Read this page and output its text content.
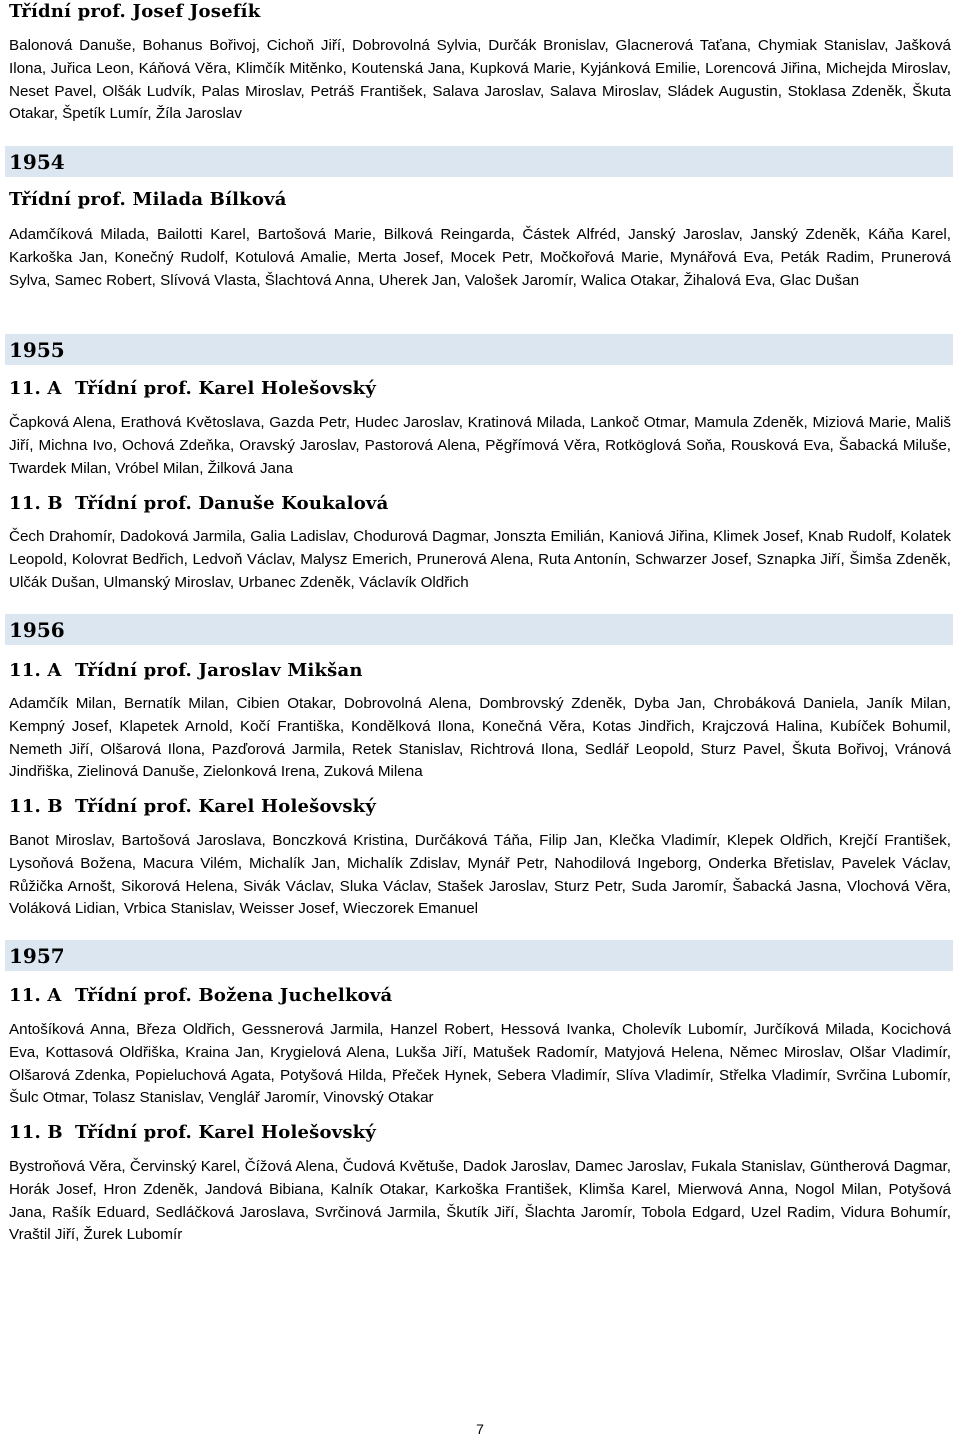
Třídní prof. Josef Josefík

Balonová Danuše, Bohanus Bořivoj, Cichoň Jiří, Dobrovolná Sylvia, Durčák Bronislav, Glacnerová Taťana, Chymiak Stanislav, Jašková Ilona, Juřica Leon, Káňová Věra, Klimčík Mitěnko, Koutenská Jana, Kupková Marie, Kyjánková Emilie, Lorencová Jiřina, Michejda Miroslav, Neset Pavel, Olšák Ludvík, Palas Miroslav, Petráš František, Salava Jaroslav, Salava Miroslav, Sládek Augustin, Stoklasa Zdeněk, Škuta Otakar, Špetík Lumír, Žíla Jaroslav

1954
Třídní prof. Milada Bílková

Adamčíková Milada, Bailotti Karel, Bartošová Marie, Bilková Reingarda, Částek Alfréd, Janský Jaroslav, Janský Zdeněk, Káňa Karel, Karkoška Jan, Konečný Rudolf, Kotulová Amalie, Merta Josef, Mocek Petr, Močkořová Marie, Mynářová Eva, Peták Radim, Prunerová Sylva, Samec Robert, Slívová Vlasta, Šlachtová Anna, Uherek Jan, Valošek Jaromír, Walica Otakar, Žihalová Eva, Glac Dušan

1955
11. A Třídní prof. Karel Holešovský

Čapková Alena, Erathová Květoslava, Gazda Petr, Hudec Jaroslav, Kratinová Milada, Lankoč Otmar, Mamula Zdeněk, Miziová Marie, Mališ Jiří, Michna Ivo, Ochová Zdeňka, Oravský Jaroslav, Pastorová Alena, Pěgřímová Věra, Rotköglová Soňa, Rousková Eva, Šabacká Miluše, Twardek Milan, Vróbel Milan, Žilková Jana

11. B Třídní prof. Danuše Koukalová

Čech Drahomír, Dadoková Jarmila, Galia Ladislav, Chodurová Dagmar, Jonszta Emilián, Kaniová Jiřina, Klimek Josef, Knab Rudolf, Kolatek Leopold, Kolovrat Bedřich, Ledvoň Václav, Malysz Emerich, Prunerová Alena, Ruta Antonín, Schwarzer Josef, Sznapka Jiří, Šimša Zdeněk, Ulčák Dušan, Ulmanský Miroslav, Urbanec Zdeněk, Václavík Oldřich

1956
11. A Třídní prof. Jaroslav Mikšan

Adamčík Milan, Bernatík Milan, Cibien Otakar, Dobrovolná Alena, Dombrovský Zdeněk, Dyba Jan, Chrobáková Daniela, Janík Milan, Kempný Josef, Klapetek Arnold, Kočí Františka, Kondělková Ilona, Konečná Věra, Kotas Jindřich, Krajczová Halina, Kubíček Bohumil, Nemeth Jiří, Olšarová Ilona, Pazďorová Jarmila, Retek Stanislav, Richtrová Ilona, Sedlář Leopold, Sturz Pavel, Škuta Bořivoj, Vránová Jindřiška, Zielinová Danuše, Zielonková Irena, Zuková Milena

11. B Třídní prof. Karel Holešovský

Banot Miroslav, Bartošová Jaroslava, Bonczková Kristina, Durčáková Táňa, Filip Jan, Klečka Vladimír, Klepek Oldřich, Krejčí František, Lysoňová Božena, Macura Vilém, Michalík Jan, Michalík Zdislav, Mynář Petr, Nahodilová Ingeborg, Onderka Břetislav, Pavelek Václav, Růžička Arnošt, Sikorová Helena, Sivák Václav, Sluka Václav, Stašek Jaroslav, Sturz Petr, Suda Jaromír, Šabacká Jasna, Vlochová Věra, Voláková Lidian, Vrbica Stanislav, Weisser Josef, Wieczorek Emanuel

1957
11. A Třídní prof. Božena Juchelková

Antošíková Anna, Březa Oldřich, Gessnerová Jarmila, Hanzel Robert, Hessová Ivanka, Cholevík Lubomír, Jurčíková Milada, Kocichová Eva, Kottasová Oldřiška, Kraina Jan, Krygielová Alena, Lukša Jiří, Matušek Radomír, Matyjová Helena, Němec Miroslav, Olšar Vladimír, Olšarová Zdenka, Popieluchová Agata, Potyšová Hilda, Přeček Hynek, Sebera Vladimír, Slíva Vladimír, Střelka Vladimír, Svrčina Lubomír, Šulc Otmar, Tolasz Stanislav, Venglář Jaromír, Vinovský Otakar

11. B Třídní prof. Karel Holešovský

Bystroňová Věra, Červinský Karel, Čížová Alena, Čudová Květuše, Dadok Jaroslav, Damec Jaroslav, Fukala Stanislav, Güntherová Dagmar, Horák Josef, Hron Zdeněk, Jandová Bibiana, Kalník Otakar, Karkoška František, Klimša Karel, Mierwová Anna, Nogol Milan, Potyšová Jana, Rašík Eduard, Sedláčková Jaroslava, Svrčinová Jarmila, Škutík Jiří, Šlachta Jaromír, Tobola Edgard, Uzel Radim, Vidura Bohumír, Vraštil Jiří, Žurek Lubomír

7
